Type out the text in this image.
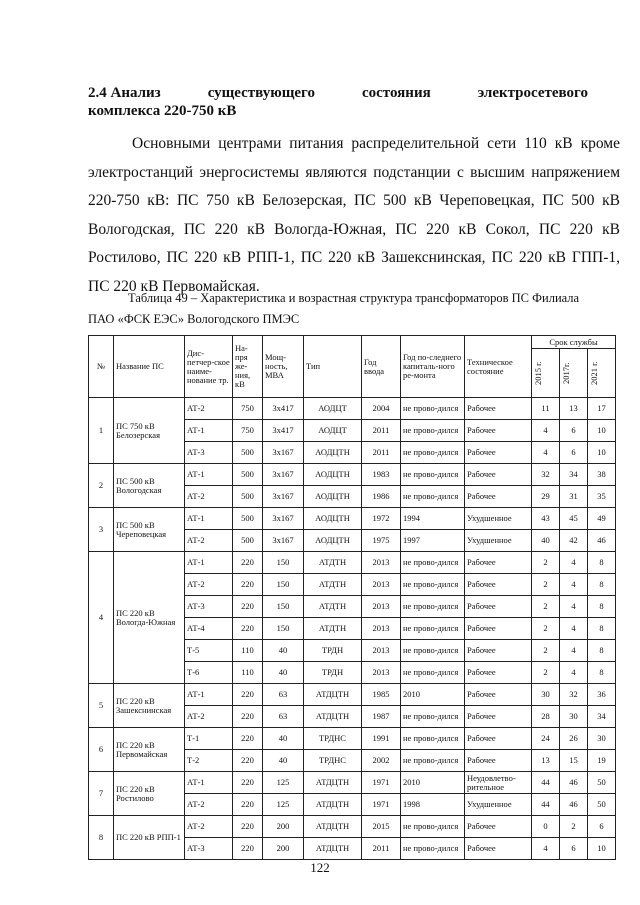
2.4 Анализ	существующего	состояния	электросетевого
комплекса 220-750 кВ
Основными центрами питания распределительной сети 110 кВ кроме электростанций энергосистемы являются подстанции с высшим напряжением 220-750 кВ: ПС 750 кВ Белозерская, ПС 500 кВ Череповецкая, ПС 500 кВ Вологодская, ПС 220 кВ Вологда-Южная, ПС 220 кВ Сокол, ПС 220 кВ Ростилово, ПС 220 кВ РПП-1, ПС 220 кВ Зашекснинская, ПС 220 кВ ГПП-1, ПС 220 кВ Первомайская.
Таблица 49 – Характеристика и возрастная структура трансформаторов ПС Филиала
ПАО «ФСК ЕЭС» Вологодского ПМЭС
№	Название ПС	Дис-петчер-ское наиме-нование тр.	На-пря же-ния, кВ	Мощ-ность, МВА	Тип	Год ввода	Год по-следнего капиталь-ного ре-монта	Техническое состояние	Срок службы		

									2015 г.	2017г.	2021 г.

1	ПС 750 кВ Белозерская	АТ-2	750	3х417	АОДЦТ	2004	не прово-дился	Рабочее	11	13	17
		АТ-1	750	3х417	АОДЦТ	2011	не прово-дился	Рабочее	4	6	10
		АТ-3	500	3х167	АОДЦТН	2011	не прово-дился	Рабочее	4	6	10
2	ПС 500 кВ Вологодская	АТ-1	500	3х167	АОДЦТН	1983	не прово-дился	Рабочее	32	34	38
		АТ-2	500	3х167	АОДЦТН	1986	не прово-дился	Рабочее	29	31	35
3	ПС 500 кВ Череповецкая	АТ-1	500	3х167	АОДЦТН	1972	1994	Ухудшенное	43	45	49
		АТ-2	500	3х167	АОДЦТН	1975	1997	Ухудшенное	40	42	46
4	ПС 220 кВ Вологда-Южная	АТ-1	220	150	АТДТН	2013	не прово-дился	Рабочее	2	4	8
		АТ-2	220	150	АТДТН	2013	не прово-дился	Рабочее	2	4	8
		АТ-3	220	150	АТДТН	2013	не прово-дился	Рабочее	2	4	8
		АТ-4	220	150	АТДТН	2013	не прово-дился	Рабочее	2	4	8
		Т-5	110	40	ТРДН	2013	не прово-дился	Рабочее	2	4	8
		Т-6	110	40	ТРДН	2013	не прово-дился	Рабочее	2	4	8
5	ПС 220 кВ Зашекснинская	АТ-1	220	63	АТДЦТН	1985	2010	Рабочее	30	32	36
		АТ-2	220	63	АТДЦТН	1987	не прово-дился	Рабочее	28	30	34
6	ПС 220 кВ Первомайская	Т-1	220	40	ТРДНС	1991	не прово-дился	Рабочее	24	26	30
		Т-2	220	40	ТРДНС	2002	не прово-дился	Рабочее	13	15	19
7	ПС 220 кВ Ростилово	АТ-1	220	125	АТДЦТН	1971	2010	Неудовлетво-рительное	44	46	50
		АТ-2	220	125	АТДЦТН	1971	1998	Ухудшенное	44	46	50
8	ПС 220 кВ РПП-1	АТ-2	220	200	АТДЦТН	2015	не прово-дился	Рабочее	0	2	6
		АТ-3	220	200	АТДЦТН	2011	не прово-дился	Рабочее	4	6	10
122
